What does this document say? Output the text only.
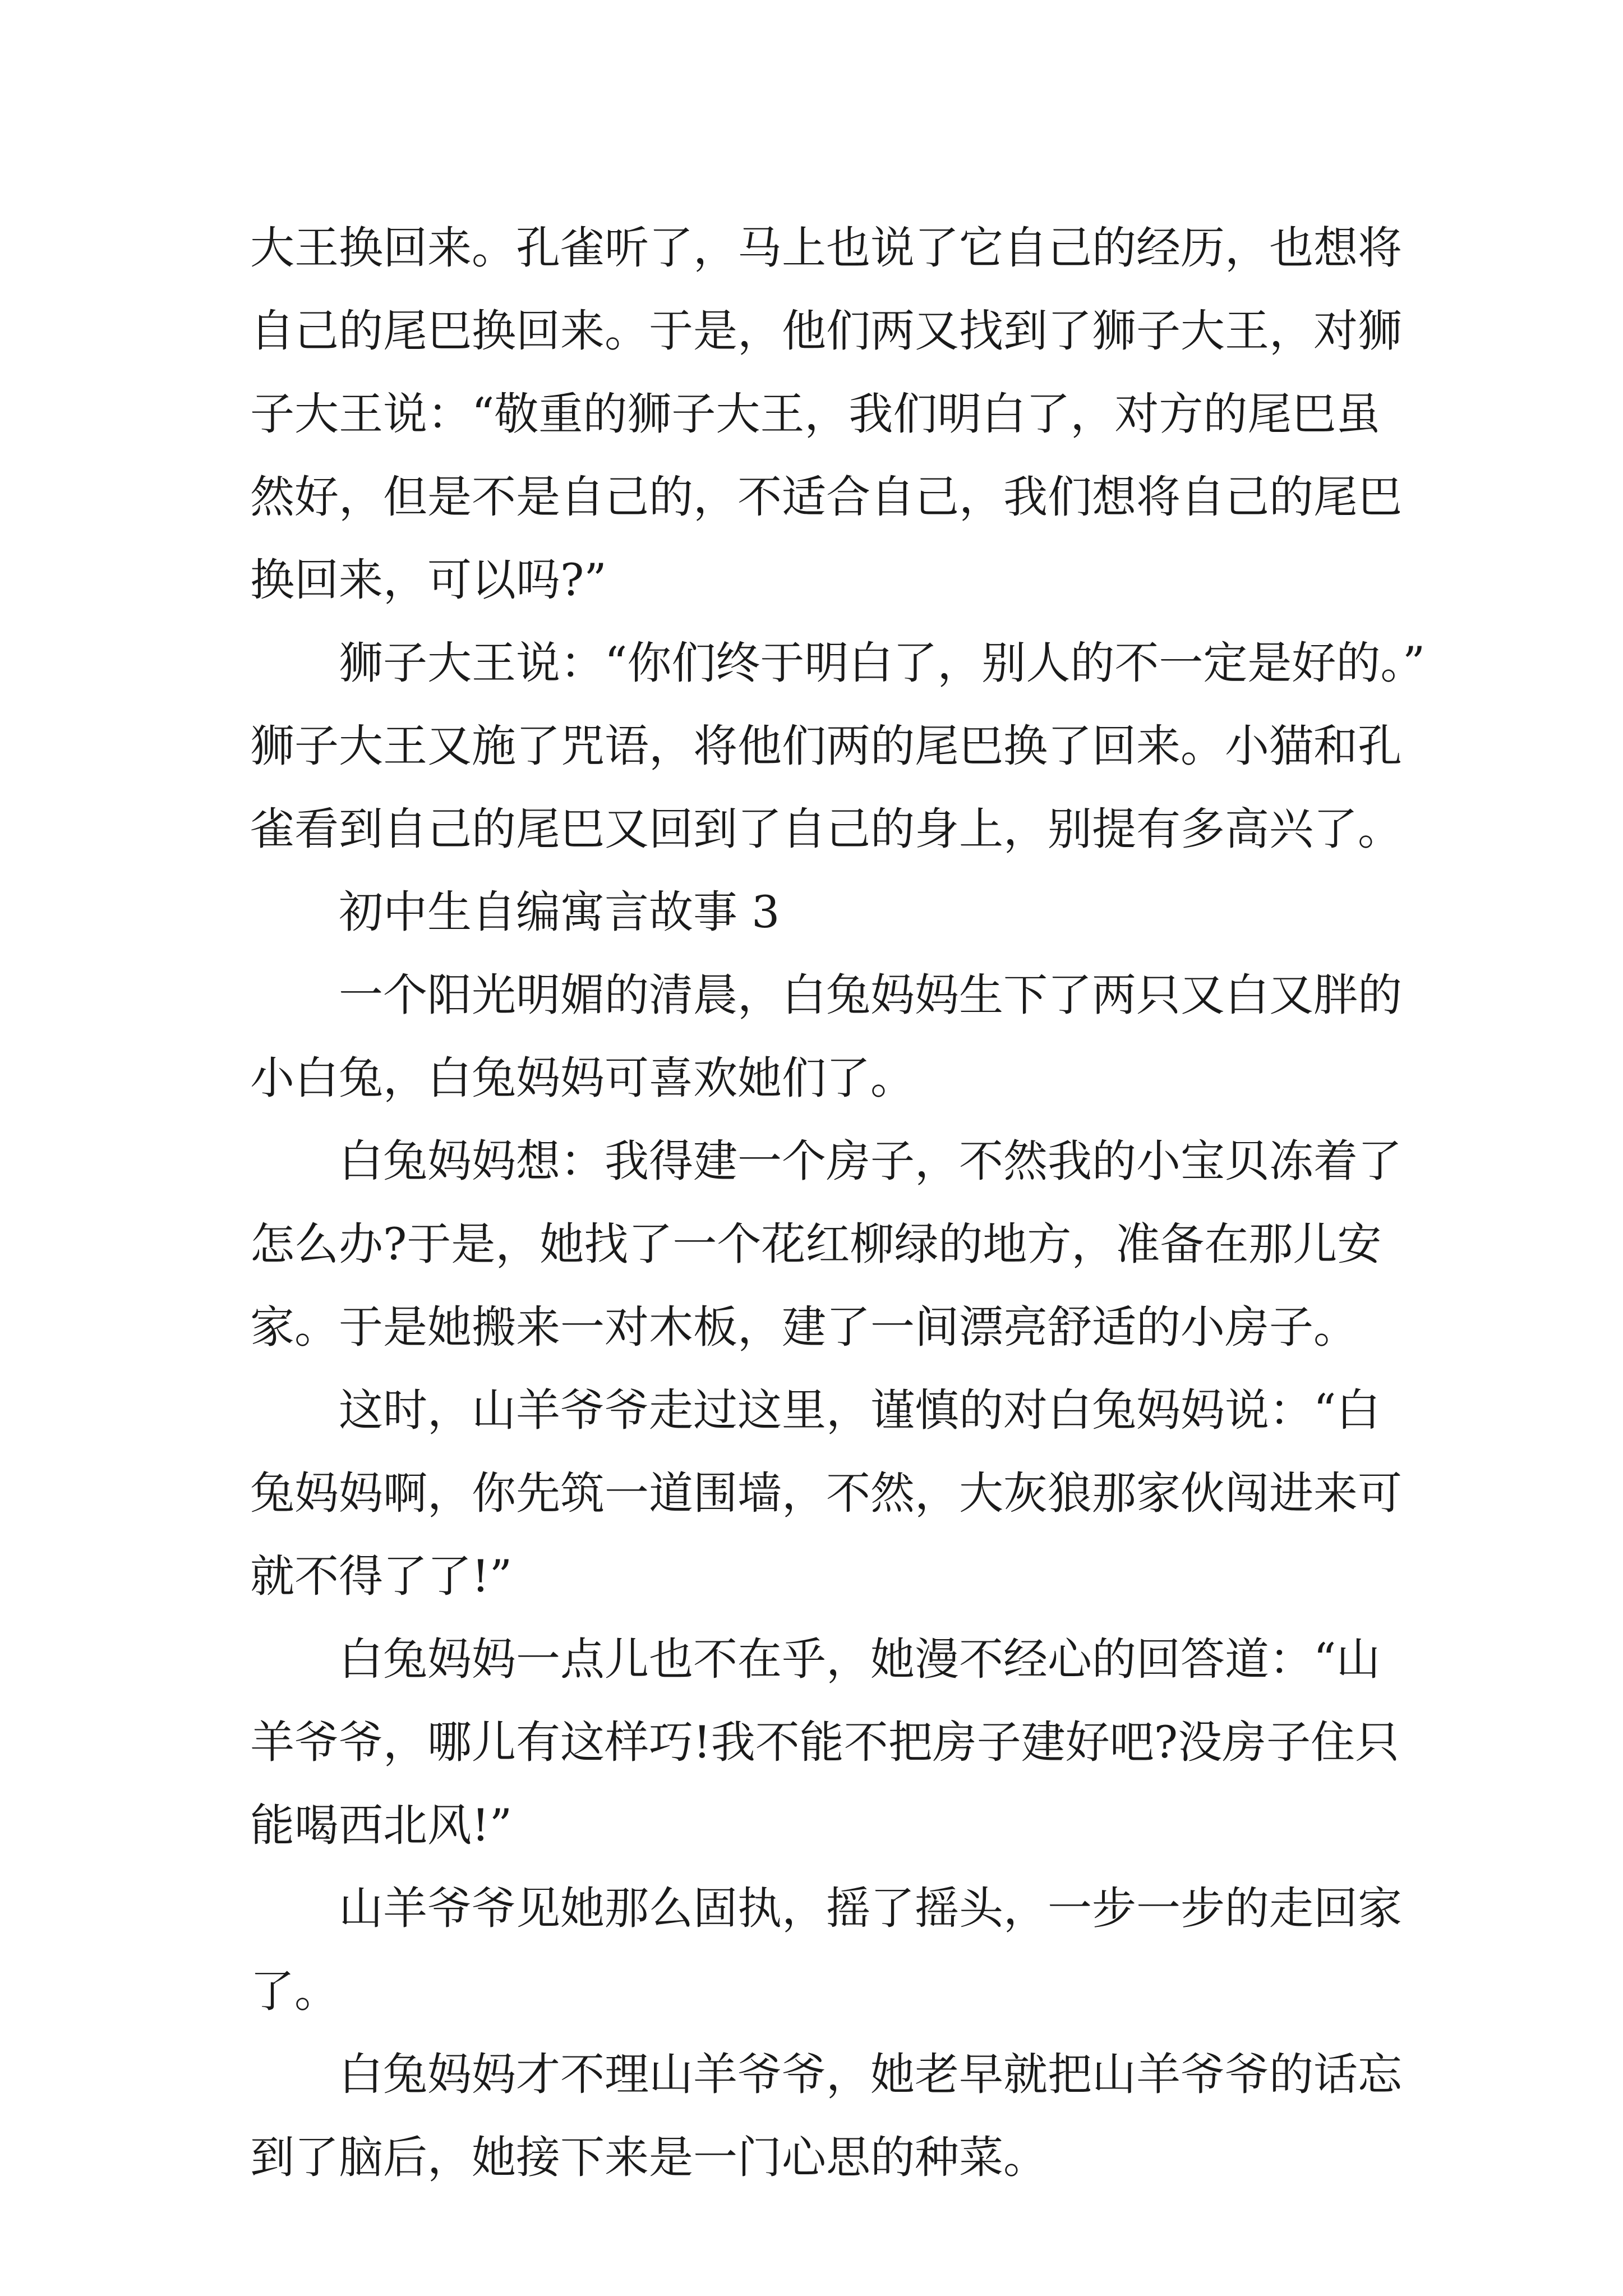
大王换回来。孔雀听了，马上也说了它自己的经历，也想将
自己的尾巴换回来。于是，他们两又找到了狮子大王，对狮
子大王说：“敬重的狮子大王，我们明白了，对方的尾巴虽
然好，但是不是自己的，不适合自己，我们想将自己的尾巴
换回来，可以吗?”
狮子大王说：“你们终于明白了，别人的不一定是好的。”
狮子大王又施了咒语，将他们两的尾巴换了回来。小猫和孔
雀看到自己的尾巴又回到了自己的身上，别提有多高兴了。
初中生自编寓言故事 3
一个阳光明媚的清晨，白兔妈妈生下了两只又白又胖的
小白兔，白兔妈妈可喜欢她们了。
白兔妈妈想：我得建一个房子，不然我的小宝贝冻着了
怎么办?于是，她找了一个花红柳绿的地方，准备在那儿安
家。于是她搬来一对木板，建了一间漂亮舒适的小房子。
这时，山羊爷爷走过这里，谨慎的对白兔妈妈说：“白
兔妈妈啊，你先筑一道围墙，不然，大灰狼那家伙闯进来可
就不得了了!”
白兔妈妈一点儿也不在乎，她漫不经心的回答道：“山
羊爷爷，哪儿有这样巧!我不能不把房子建好吧?没房子住只
能喝西北风!”
山羊爷爷见她那么固执，摇了摇头，一步一步的走回家
了。
白兔妈妈才不理山羊爷爷，她老早就把山羊爷爷的话忘
到了脑后，她接下来是一门心思的种菜。
